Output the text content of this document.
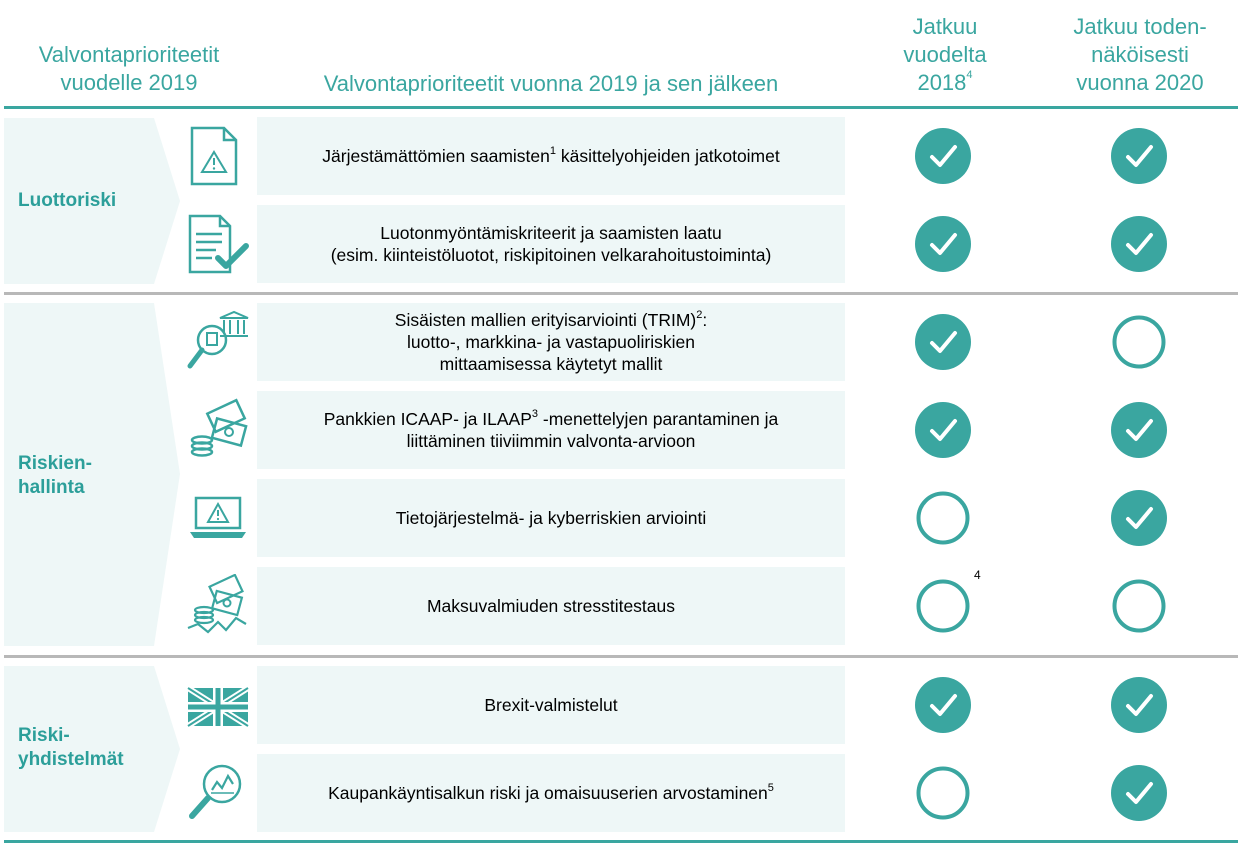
Valvontaprioriteetit
vuodelle 2019	Valvontaprioriteetit vuonna 2019 ja sen jälkeen
Jatkuu
vuodelta
2018$^4$
Jatkuu toden-
näköisesti
vuonna 2020
Luottoriski
Riskien-
hallinta
Riski-
yhdistelmät
Järjestämättömien saamisten$^1$ käsittelyohjeiden jatkotoimet
Luotonmyöntämiskriteerit ja saamisten laatu
(esim. kiinteistöluotot, riskipitoinen velkarahoitustoiminta)
Sisäisten mallien erityisarviointi (TRIM)$^2$:
luotto-, markkina- ja vastapuoliriskien
mittaamisessa käytetyt mallit
Pankkien ICAAP- ja ILAAP$^3$ -menettelyjen parantaminen ja
liittäminen tiiviimmin valvonta-arvioon
Tietojärjestelmä- ja kyberriskien arviointi
Maksuvalmiuden stresstitestaus
Brexit-valmistelut
Kaupankäyntisalkun riski ja omaisuuserien arvostaminen$^5$
4
